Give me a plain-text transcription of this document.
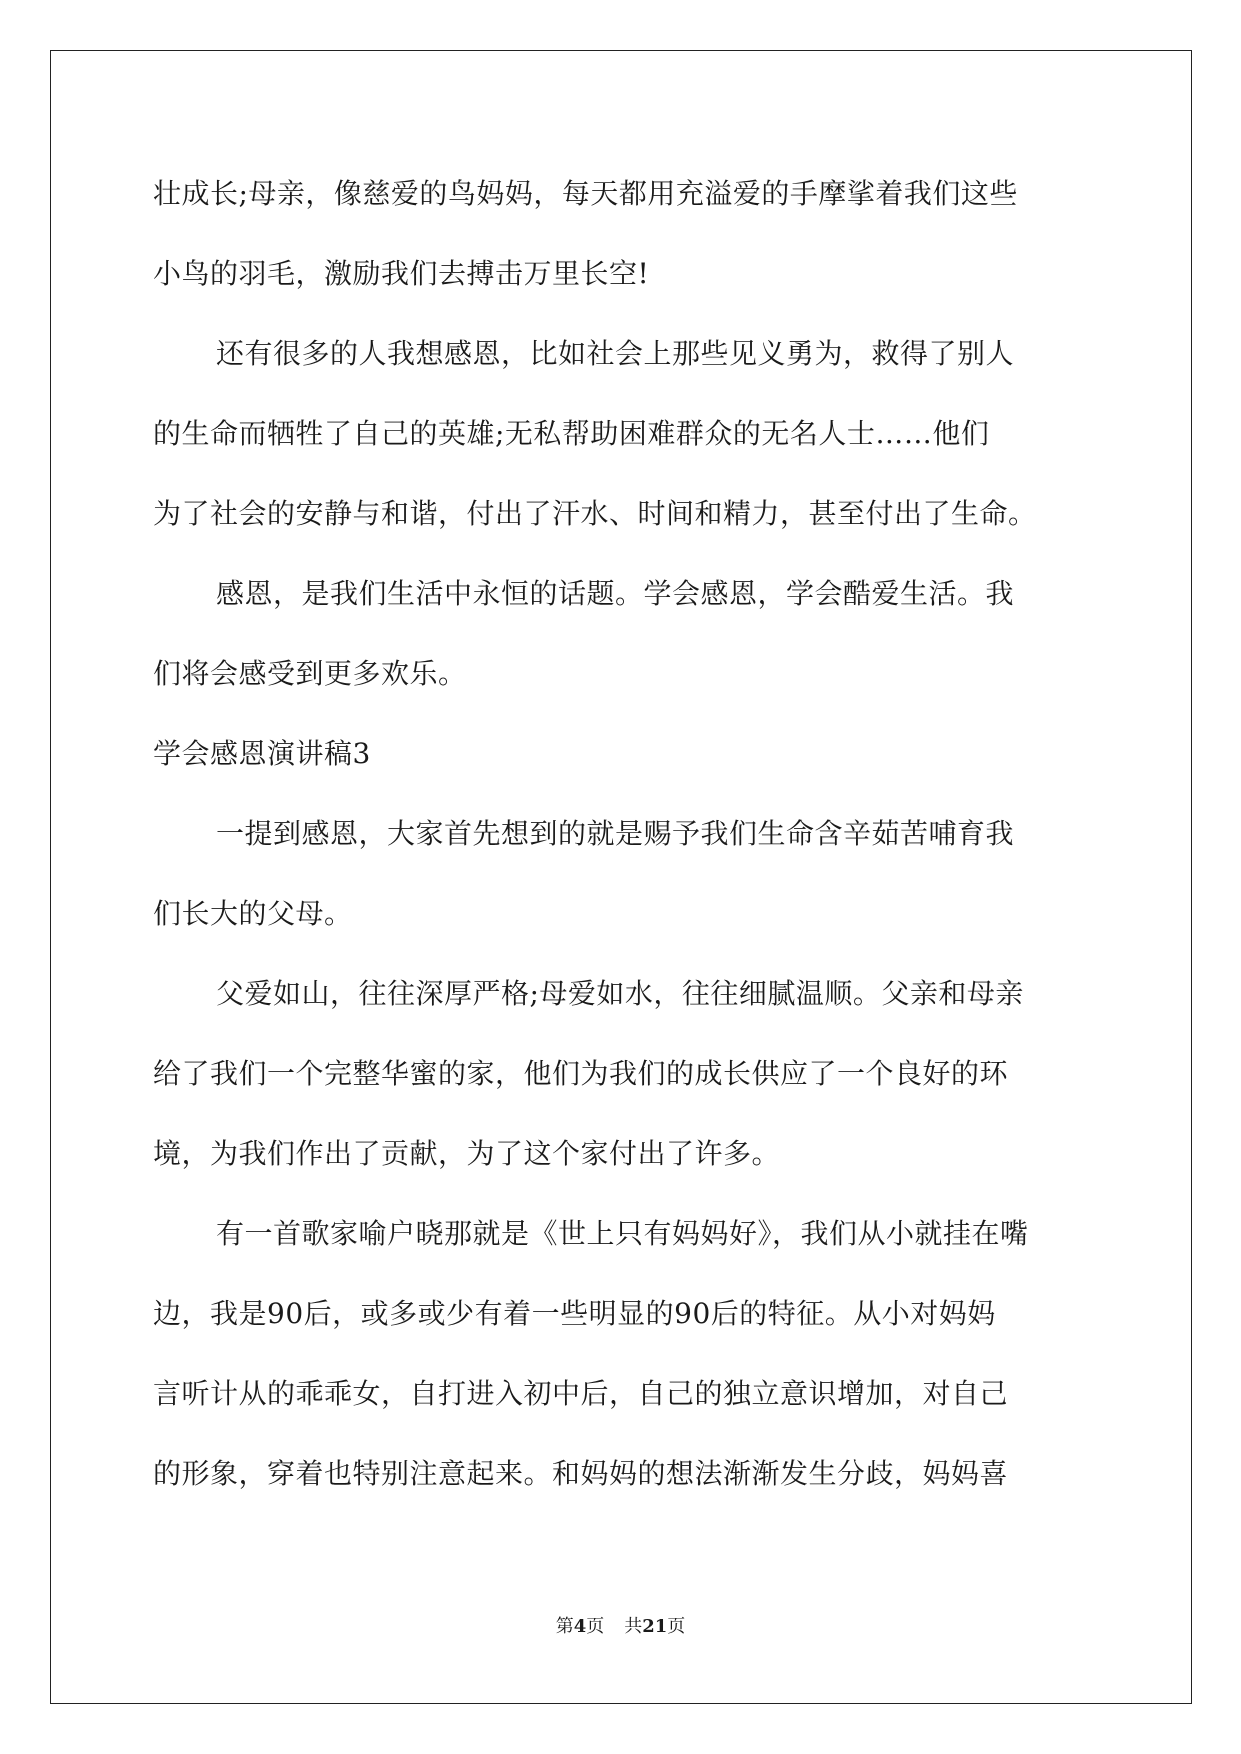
壮成长;母亲，像慈爱的鸟妈妈，每天都用充溢爱的手摩挲着我们这些
小鸟的羽毛，激励我们去搏击万里长空!
还有很多的人我想感恩，比如社会上那些见义勇为，救得了别人
的生命而牺牲了自己的英雄;无私帮助困难群众的无名人士……他们
为了社会的安静与和谐，付出了汗水、时间和精力，甚至付出了生命。
感恩，是我们生活中永恒的话题。学会感恩，学会酷爱生活。我
们将会感受到更多欢乐。
学会感恩演讲稿3
一提到感恩，大家首先想到的就是赐予我们生命含辛茹苦哺育我
们长大的父母。
父爱如山，往往深厚严格;母爱如水，往往细腻温顺。父亲和母亲
给了我们一个完整华蜜的家，他们为我们的成长供应了一个良好的环
境，为我们作出了贡献，为了这个家付出了许多。
有一首歌家喻户晓那就是《世上只有妈妈好》，我们从小就挂在嘴
边，我是90后，或多或少有着一些明显的90后的特征。从小对妈妈
言听计从的乖乖女，自打进入初中后，自己的独立意识增加，对自己
的形象，穿着也特别注意起来。和妈妈的想法渐渐发生分歧，妈妈喜
第4页 共21页
